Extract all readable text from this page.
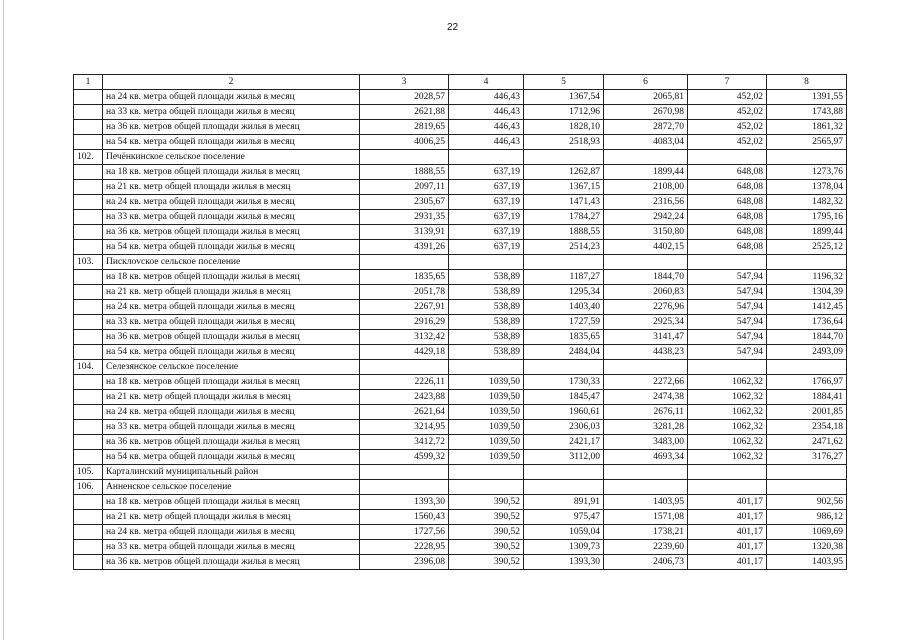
22
1	2	3	4	5	6	7	8
	на 24 кв. метра общей площади жилья в месяц	2028,57	446,43	1367,54	2065,81	452,02	1391,55
	на 33 кв. метра общей площади жилья в месяц	2621,88	446,43	1712,96	2670,98	452,02	1743,88
	на 36 кв. метров общей площади жилья в месяц	2819,65	446,43	1828,10	2872,70	452,02	1861,32
	на 54 кв. метра общей площади жилья в месяц	4006,25	446,43	2518,93	4083,04	452,02	2565,97
102.	Печёнкинское сельское поселение						
	на 18 кв. метров общей площади жилья в месяц	1888,55	637,19	1262,87	1899,44	648,08	1273,76
	на 21 кв. метр общей площади жилья в месяц	2097,11	637,19	1367,15	2108,00	648,08	1378,04
	на 24 кв. метра общей площади жилья в месяц	2305,67	637,19	1471,43	2316,56	648,08	1482,32
	на 33 кв. метра общей площади жилья в месяц	2931,35	637,19	1784,27	2942,24	648,08	1795,16
	на 36 кв. метров общей площади жилья в месяц	3139,91	637,19	1888,55	3150,80	648,08	1899,44
	на 54 кв. метра общей площади жилья в месяц	4391,26	637,19	2514,23	4402,15	648,08	2525,12
103.	Писклovское сельское поселение						
	на 18 кв. метров общей площади жилья в месяц	1835,65	538,89	1187,27	1844,70	547,94	1196,32
	на 21 кв. метр общей площади жилья в месяц	2051,78	538,89	1295,34	2060,83	547,94	1304,39
	на 24 кв. метра общей площади жилья в месяц	2267,91	538,89	1403,40	2276,96	547,94	1412,45
	на 33 кв. метра общей площади жилья в месяц	2916,29	538,89	1727,59	2925,34	547,94	1736,64
	на 36 кв. метров общей площади жилья в месяц	3132,42	538,89	1835,65	3141,47	547,94	1844,70
	на 54 кв. метра общей площади жилья в месяц	4429,18	538,89	2484,04	4438,23	547,94	2493,09
104.	Селезянское сельское поселение						
	на 18 кв. метров общей площади жилья в месяц	2226,11	1039,50	1730,33	2272,66	1062,32	1766,97
	на 21 кв. метр общей площади жилья в месяц	2423,88	1039,50	1845,47	2474,38	1062,32	1884,41
	на 24 кв. метра общей площади жилья в месяц	2621,64	1039,50	1960,61	2676,11	1062,32	2001,85
	на 33 кв. метра общей площади жилья в месяц	3214,95	1039,50	2306,03	3281,28	1062,32	2354,18
	на 36 кв. метров общей площади жилья в месяц	3412,72	1039,50	2421,17	3483,00	1062,32	2471,62
	на 54 кв. метра общей площади жилья в месяц	4599,32	1039,50	3112,00	4693,34	1062,32	3176,27
105.	Карталинский муниципальный район						
106.	Анненское сельское поселение						
	на 18 кв. метров общей площади жилья в месяц	1393,30	390,52	891,91	1403,95	401,17	902,56
	на 21 кв. метр общей площади жилья в месяц	1560,43	390,52	975,47	1571,08	401,17	986,12
	на 24 кв. метра общей площади жилья в месяц	1727,56	390,52	1059,04	1738,21	401,17	1069,69
	на 33 кв. метра общей площади жилья в месяц	2228,95	390,52	1309,73	2239,60	401,17	1320,38
	на 36 кв. метров общей площади жилья в месяц	2396,08	390,52	1393,30	2406,73	401,17	1403,95
